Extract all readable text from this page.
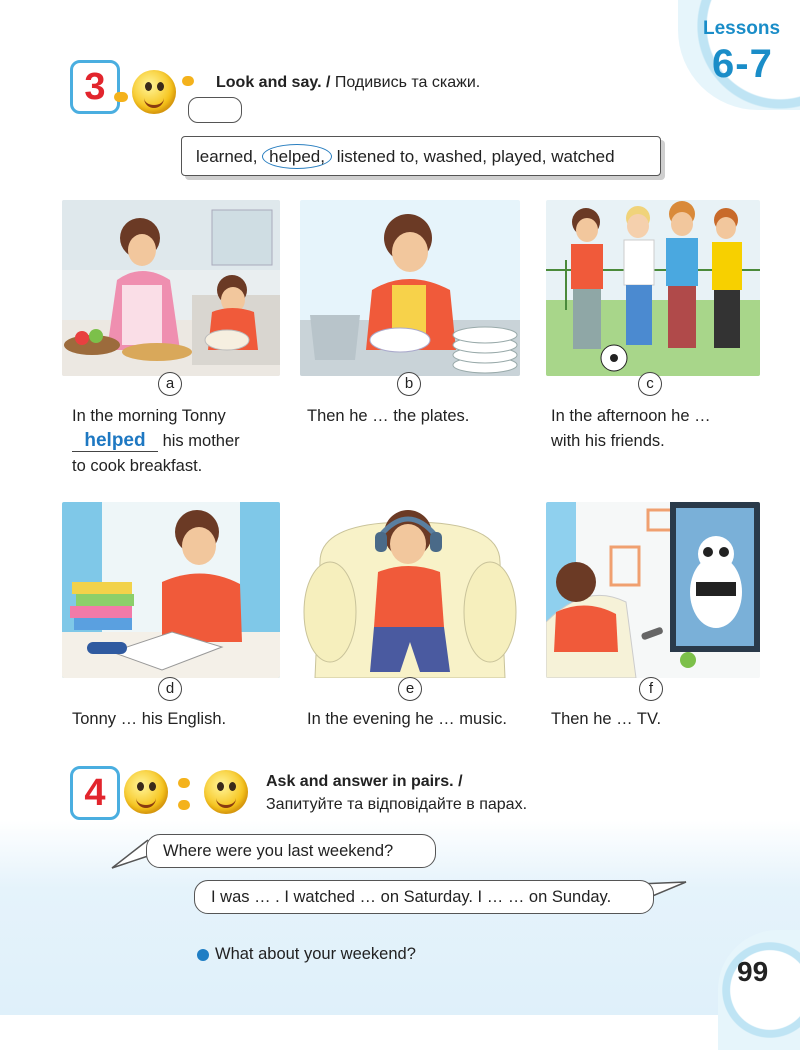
Lessons
6-7
3	Look and say. / Подивись та скажи.
learned, helped, listened to, washed, played, watched
a	b	c
In the morning Tonny
helped his mother
to cook breakfast.
Then he … the plates.	In the afternoon he …
with his friends.
d	e	f
Tonny … his English.	In the evening he … music.	Then he … TV.
4	Ask and answer in pairs. /
Запитуйте та відповідайте в парах.
Where were you last weekend?
I was … . I watched … on Saturday. I … … on Sunday.
What about your weekend?
99
